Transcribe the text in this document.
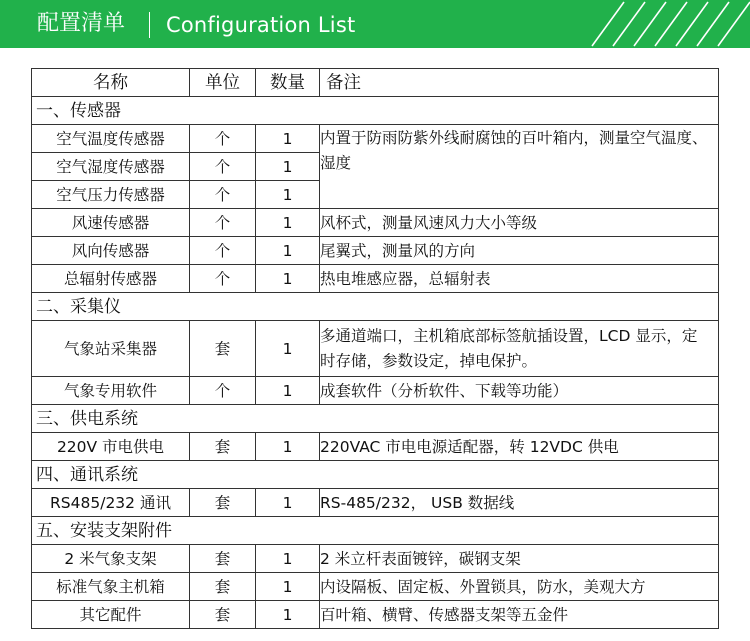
配置清单 Configuration List
名称	单位	数量	备注
一、传感器			
空气温度传感器	个	1	内置于防雨防紫外线耐腐蚀的百叶箱内，测量空气温度、湿度
空气湿度传感器	个	1	
空气压力传感器	个	1	
风速传感器	个	1	风杯式，测量风速风力大小等级
风向传感器	个	1	尾翼式，测量风的方向
总辐射传感器	个	1	热电堆感应器，总辐射表
二、采集仪			
气象站采集器	套	1	多通道端口，主机箱底部标签航插设置，LCD 显示，定时存储，参数设定，掉电保护。
气象专用软件	个	1	成套软件（分析软件、下载等功能）
三、供电系统			
220V 市电供电	套	1	220VAC 市电电源适配器，转 12VDC 供电
四、通讯系统			
RS485/232 通讯	套	1	RS-485/232， USB 数据线
五、安装支架附件			
2 米气象支架	套	1	2 米立杆表面镀锌，碳钢支架
标准气象主机箱	套	1	内设隔板、固定板、外置锁具，防水，美观大方
其它配件	套	1	百叶箱、横臂、传感器支架等五金件
